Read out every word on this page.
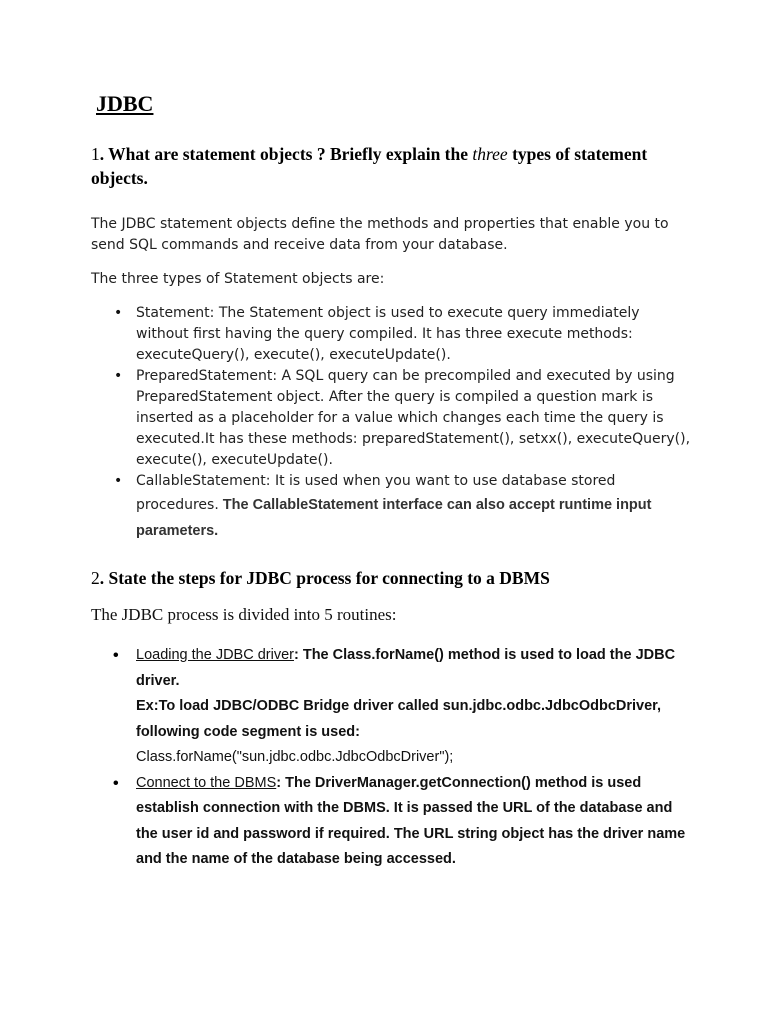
JDBC
1. What are statement objects ? Briefly explain the three types of statement objects.
The JDBC statement objects define the methods and properties that enable you to send SQL commands and receive data from your database.
The three types of Statement objects are:
• Statement: The Statement object is used to execute query immediately without first having the query compiled. It has three execute methods: executeQuery(), execute(), executeUpdate().
• PreparedStatement: A SQL query can be precompiled and executed by using PreparedStatement object. After the query is compiled a question mark is inserted as a placeholder for a value which changes each time the query is executed.It has these methods: preparedStatement(), setxx(), executeQuery(), execute(), executeUpdate().
• CallableStatement: It is used when you want to use database stored procedures. The CallableStatement interface can also accept runtime input parameters.
2. State the steps for JDBC process for connecting to a DBMS
The JDBC process is divided into 5 routines:
• Loading the JDBC driver: The Class.forName() method is used to load the JDBC driver.
Ex:To load JDBC/ODBC Bridge driver called sun.jdbc.odbc.JdbcOdbcDriver, following code segment is used:
Class.forName("sun.jdbc.odbc.JdbcOdbcDriver");
• Connect to the DBMS: The DriverManager.getConnection() method is used establish connection with the DBMS. It is passed the URL of the database and the user id and password if required. The URL string object has the driver name and the name of the database being accessed.
